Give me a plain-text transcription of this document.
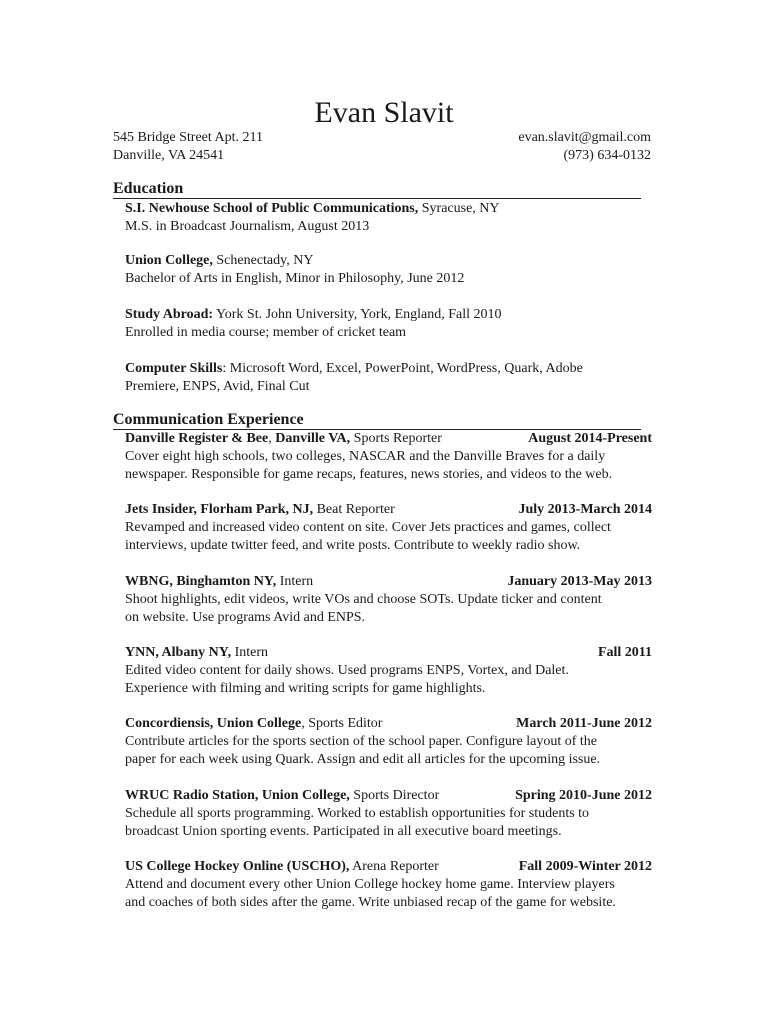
Evan Slavit
545 Bridge Street Apt. 211	evan.slavit@gmail.com
Danville, VA 24541	(973) 634-0132
Education
S.I. Newhouse School of Public Communications, Syracuse, NY
M.S. in Broadcast Journalism, August 2013
Union College, Schenectady, NY
Bachelor of Arts in English, Minor in Philosophy, June 2012
Study Abroad: York St. John University, York, England, Fall 2010
Enrolled in media course; member of cricket team
Computer Skills: Microsoft Word, Excel, PowerPoint, WordPress, Quark, Adobe
Premiere, ENPS, Avid, Final Cut
Communication Experience
Danville Register & Bee, Danville VA, Sports Reporter	August 2014-Present
Cover eight high schools, two colleges, NASCAR and the Danville Braves for a daily
newspaper. Responsible for game recaps, features, news stories, and videos to the web.
Jets Insider, Florham Park, NJ, Beat Reporter	July 2013-March 2014
Revamped and increased video content on site. Cover Jets practices and games, collect
interviews, update twitter feed, and write posts. Contribute to weekly radio show.
WBNG, Binghamton NY, Intern	January 2013-May 2013
Shoot highlights, edit videos, write VOs and choose SOTs. Update ticker and content
on website. Use programs Avid and ENPS.
YNN, Albany NY, Intern	Fall 2011
Edited video content for daily shows. Used programs ENPS, Vortex, and Dalet.
Experience with filming and writing scripts for game highlights.
Concordiensis, Union College, Sports Editor	March 2011-June 2012
Contribute articles for the sports section of the school paper. Configure layout of the
paper for each week using Quark. Assign and edit all articles for the upcoming issue.
WRUC Radio Station, Union College, Sports Director	Spring 2010-June 2012
Schedule all sports programming. Worked to establish opportunities for students to
broadcast Union sporting events. Participated in all executive board meetings.
US College Hockey Online (USCHO), Arena Reporter	Fall 2009-Winter 2012
Attend and document every other Union College hockey home game. Interview players
and coaches of both sides after the game. Write unbiased recap of the game for website.
